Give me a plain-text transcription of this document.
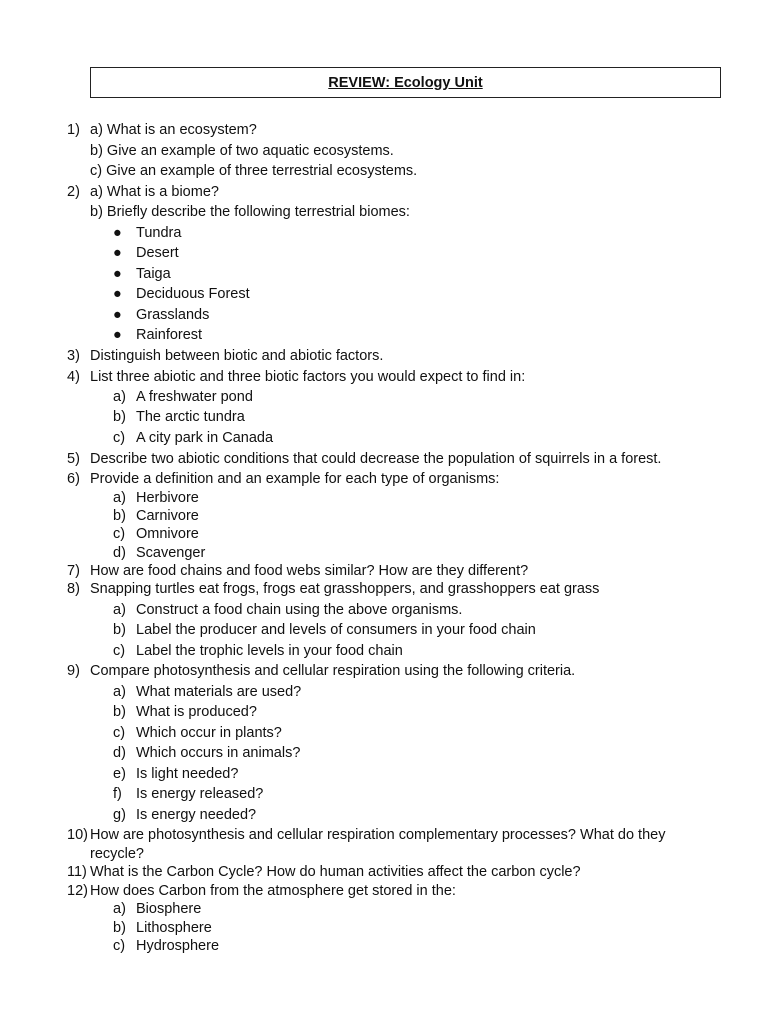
REVIEW: Ecology Unit
1) a) What is an ecosystem?
b) Give an example of two aquatic ecosystems.
c) Give an example of three terrestrial ecosystems.
2) a) What is a biome?
b) Briefly describe the following terrestrial biomes:
● Tundra
● Desert
● Taiga
● Deciduous Forest
● Grasslands
● Rainforest
3) Distinguish between biotic and abiotic factors.
4) List three abiotic and three biotic factors you would expect to find in:
a) A freshwater pond
b) The arctic tundra
c) A city park in Canada
5) Describe two abiotic conditions that could decrease the population of squirrels in a forest.
6) Provide a definition and an example for each type of organisms:
a) Herbivore
b) Carnivore
c) Omnivore
d) Scavenger
7) How are food chains and food webs similar? How are they different?
8) Snapping turtles eat frogs, frogs eat grasshoppers, and grasshoppers eat grass
a) Construct a food chain using the above organisms.
b) Label the producer and levels of consumers in your food chain
c) Label the trophic levels in your food chain
9) Compare photosynthesis and cellular respiration using the following criteria.
a) What materials are used?
b) What is produced?
c) Which occur in plants?
d) Which occurs in animals?
e) Is light needed?
f) Is energy released?
g) Is energy needed?
10) How are photosynthesis and cellular respiration complementary processes? What do they
recycle?
11) What is the Carbon Cycle? How do human activities affect the carbon cycle?
12) How does Carbon from the atmosphere get stored in the:
a) Biosphere
b) Lithosphere
c) Hydrosphere
